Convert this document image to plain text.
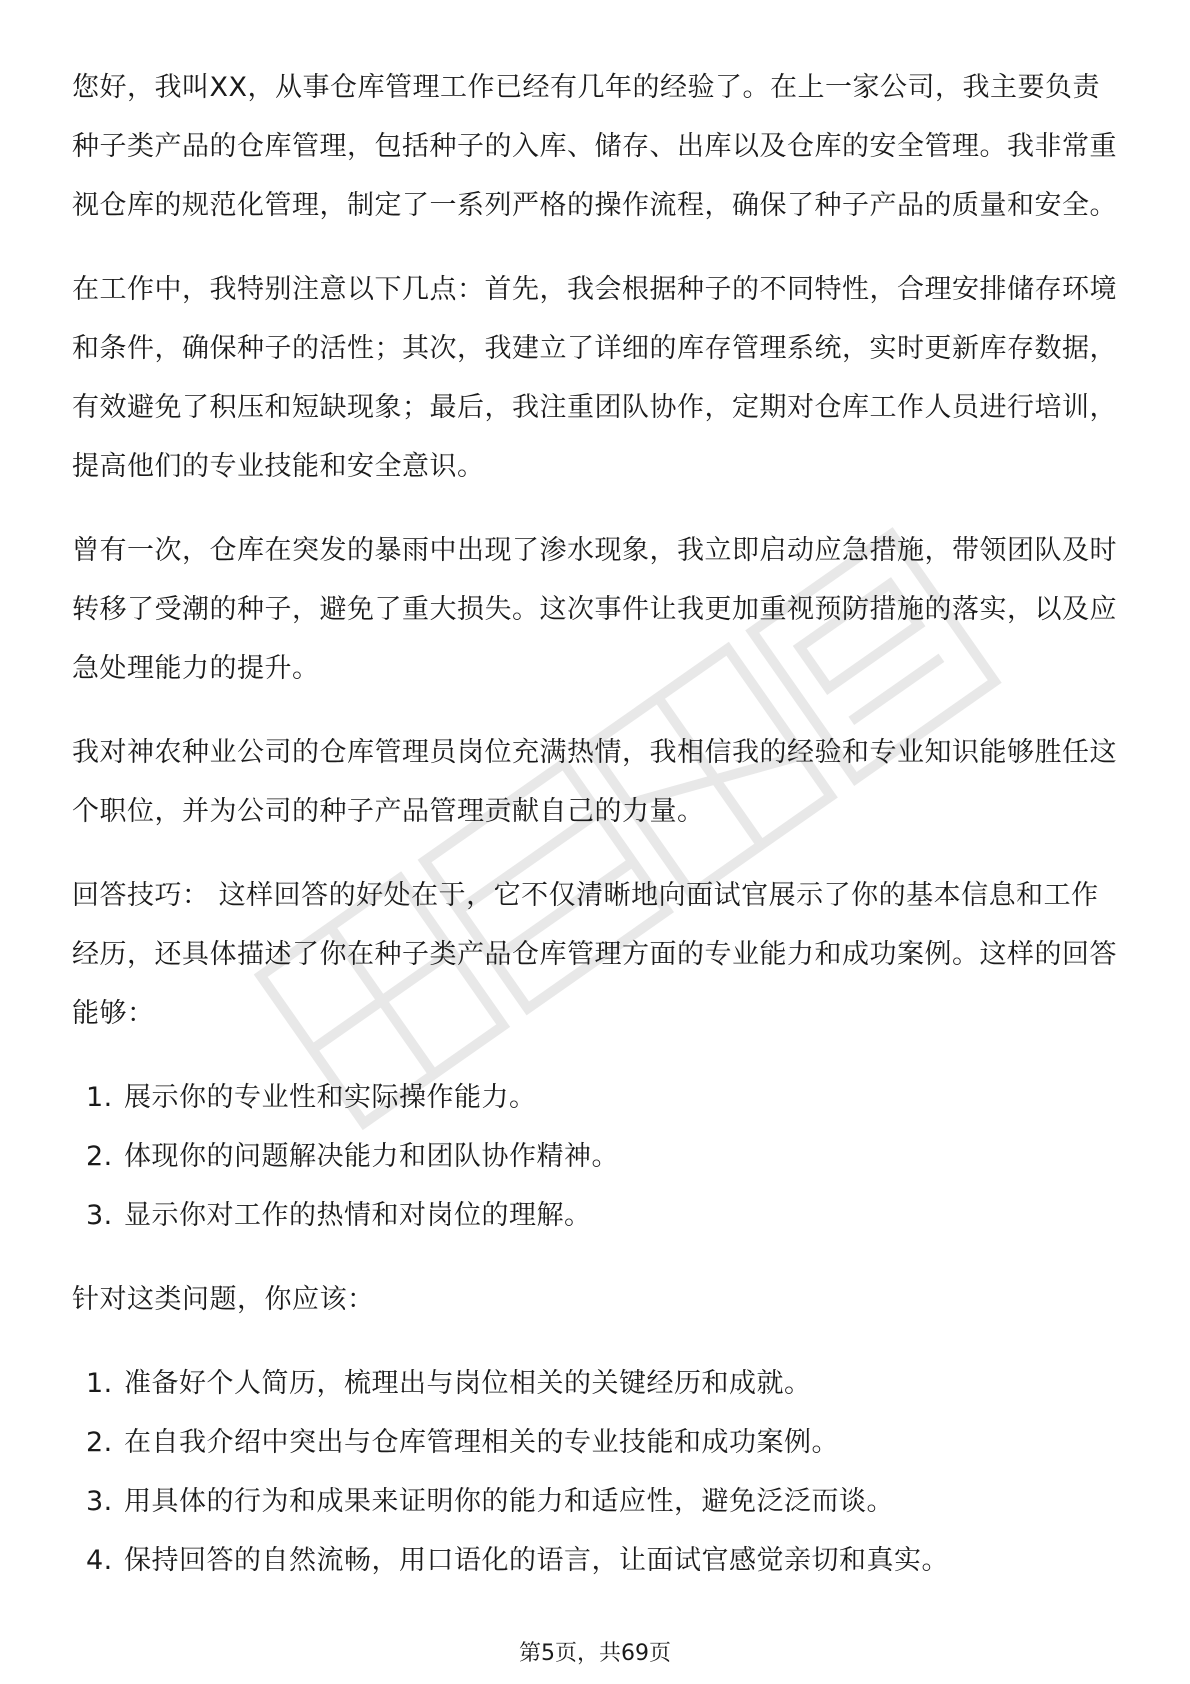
您好，我叫XX，从事仓库管理工作已经有几年的经验了。在上一家公司，我主要负责种子类产品的仓库管理，包括种子的入库、储存、出库以及仓库的安全管理。我非常重视仓库的规范化管理，制定了一系列严格的操作流程，确保了种子产品的质量和安全。

在工作中，我特别注意以下几点：首先，我会根据种子的不同特性，合理安排储存环境和条件，确保种子的活性；其次，我建立了详细的库存管理系统，实时更新库存数据，有效避免了积压和短缺现象；最后，我注重团队协作，定期对仓库工作人员进行培训，提高他们的专业技能和安全意识。

曾有一次，仓库在突发的暴雨中出现了渗水现象，我立即启动应急措施，带领团队及时转移了受潮的种子，避免了重大损失。这次事件让我更加重视预防措施的落实，以及应急处理能力的提升。

我对神农种业公司的仓库管理员岗位充满热情，我相信我的经验和专业知识能够胜任这个职位，并为公司的种子产品管理贡献自己的力量。

回答技巧： 这样回答的好处在于，它不仅清晰地向面试官展示了你的基本信息和工作经历，还具体描述了你在种子类产品仓库管理方面的专业能力和成功案例。这样的回答能够：

1. 展示你的专业性和实际操作能力。
2. 体现你的问题解决能力和团队协作精神。
3. 显示你对工作的热情和对岗位的理解。

针对这类问题，你应该：

1. 准备好个人简历，梳理出与岗位相关的关键经历和成就。
2. 在自我介绍中突出与仓库管理相关的专业技能和成功案例。
3. 用具体的行为和成果来证明你的能力和适应性，避免泛泛而谈。
4. 保持回答的自然流畅，用口语化的语言，让面试官感觉亲切和真实。
第5页，共69页
